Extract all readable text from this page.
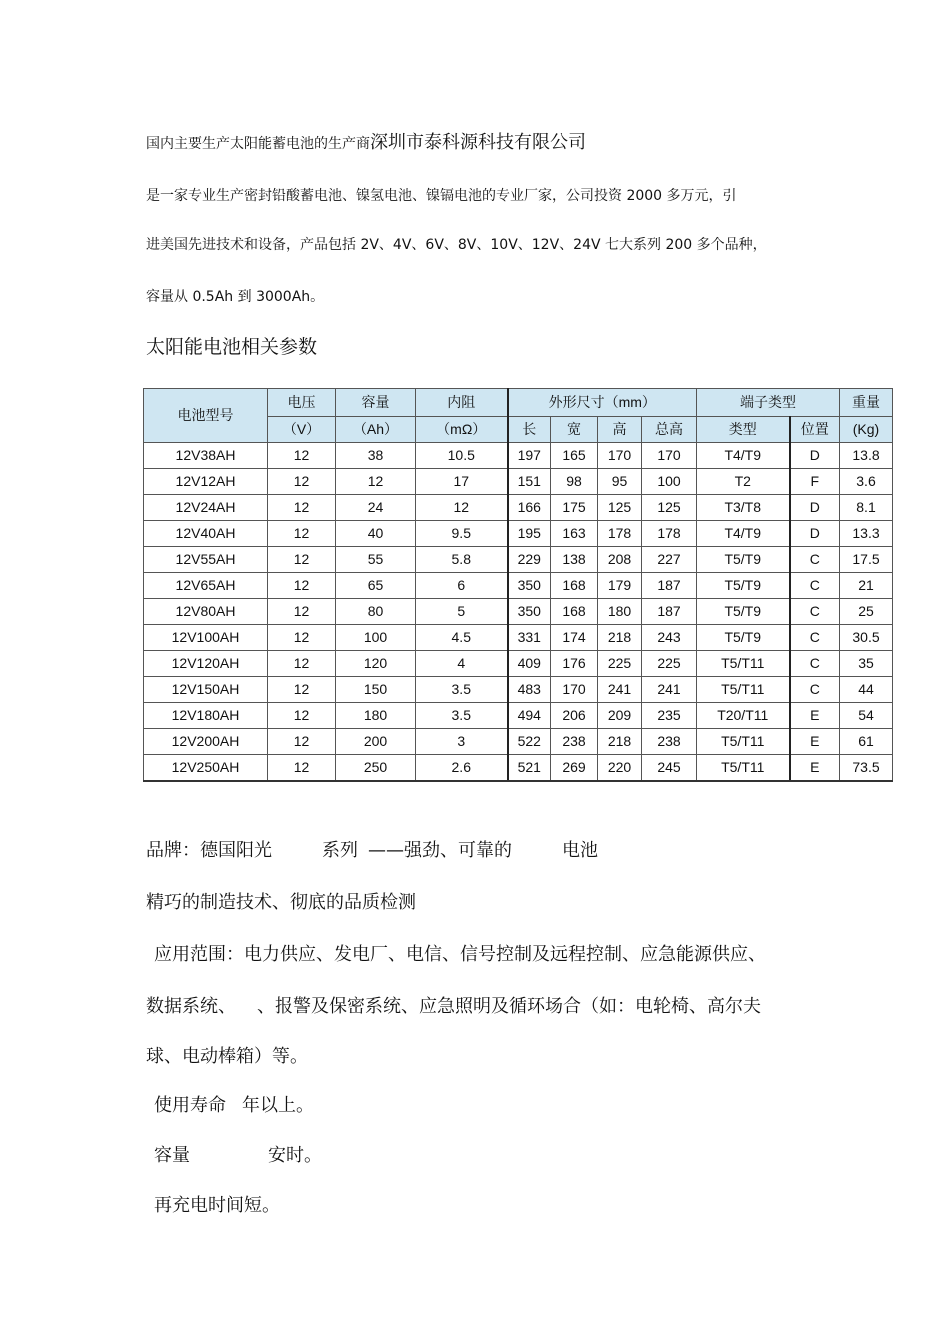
国内主要生产太阳能蓄电池的生产商深圳市泰科源科技有限公司

是一家专业生产密封铅酸蓄电池、镍氢电池、镍镉电池的专业厂家，公司投资 2000 多万元，引

进美国先进技术和设备，产品包括 2V、4V、6V、8V、10V、12V、24V 七大系列 200 多个品种，

容量从 0.5Ah 到 3000Ah。

太阳能电池相关参数

电池型号	电压	容量	内阻	外形尺寸（mm）				端子类型		重量
	（V）	（Ah）	（mΩ）	长	宽	高	总高	类型	位置	(Kg)
12V38AH	12	38	10.5	197	165	170	170	T4/T9	D	13.8
12V12AH	12	12	17	151	98	95	100	T2	F	3.6
12V24AH	12	24	12	166	175	125	125	T3/T8	D	8.1
12V40AH	12	40	9.5	195	163	178	178	T4/T9	D	13.3
12V55AH	12	55	5.8	229	138	208	227	T5/T9	C	17.5
12V65AH	12	65	6	350	168	179	187	T5/T9	C	21
12V80AH	12	80	5	350	168	180	187	T5/T9	C	25
12V100AH	12	100	4.5	331	174	218	243	T5/T9	C	30.5
12V120AH	12	120	4	409	176	225	225	T5/T11	C	35
12V150AH	12	150	3.5	483	170	241	241	T5/T11	C	44
12V180AH	12	180	3.5	494	206	209	235	T20/T11	E	54
12V200AH	12	200	3	522	238	218	238	T5/T11	E	61
12V250AH	12	250	2.6	521	269	220	245	T5/T11	E	73.5

品牌：德国阳光	系列 ——强劲、可靠的	电池

精巧的制造技术、彻底的品质检测

应用范围：电力供应、发电厂、电信、信号控制及远程控制、应急能源供应、

数据系统、 、报警及保密系统、应急照明及循环场合（如：电轮椅、高尔夫

球、电动棒箱）等。

使用寿命 年以上。

容量	安时。

再充电时间短。
